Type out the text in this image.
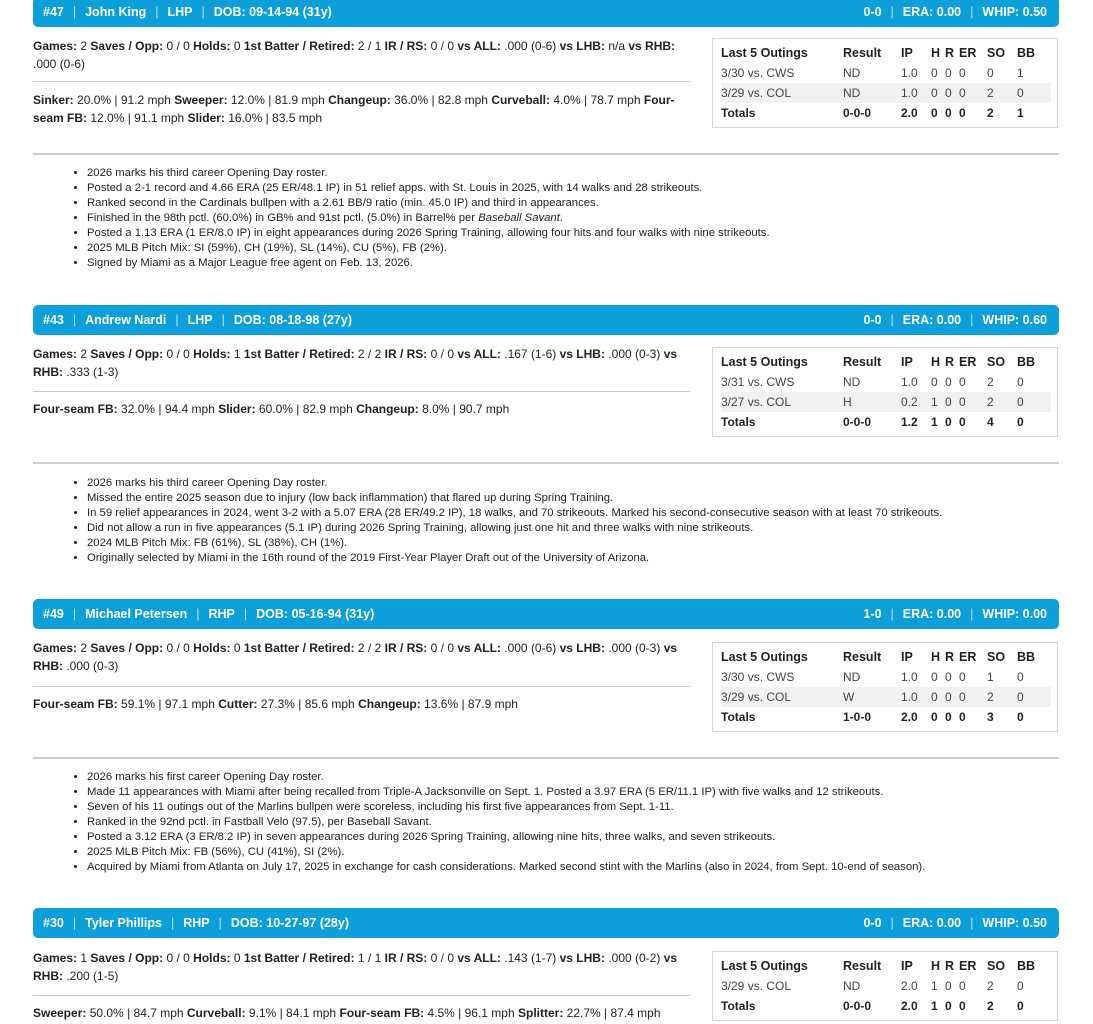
#47 | John King | LHP | DOB: 09-14-94 (31y)	0-0 | ERA: 0.00 | WHIP: 0.50
Games: 2 Saves / Opp: 0 / 0 Holds: 0 1st Batter / Retired: 2 / 1 IR / RS: 0 / 0 vs ALL: .000 (0-6) vs LHB: n/a vs RHB: .000 (0-6)
Sinker: 20.0% | 91.2 mph Sweeper: 12.0% | 81.9 mph Changeup: 36.0% | 82.8 mph Curveball: 4.0% | 78.7 mph Four-seam FB: 12.0% | 91.1 mph Slider: 16.0% | 83.5 mph
Last 5 Outings	Result	IP	H	R	ER	SO	BB
3/30 vs. CWS	ND	1.0	0	0	0	0	1
3/29 vs. COL	ND	1.0	0	0	0	2	0
Totals	0-0-0	2.0	0	0	0	2	1
• 2026 marks his third career Opening Day roster.
• Posted a 2-1 record and 4.66 ERA (25 ER/48.1 IP) in 51 relief apps. with St. Louis in 2025, with 14 walks and 28 strikeouts.
• Ranked second in the Cardinals bullpen with a 2.61 BB/9 ratio (min. 45.0 IP) and third in appearances.
• Finished in the 98th pctl. (60.0%) in GB% and 91st pctl. (5.0%) in Barrel% per Baseball Savant.
• Posted a 1.13 ERA (1 ER/8.0 IP) in eight appearances during 2026 Spring Training, allowing four hits and four walks with nine strikeouts.
• 2025 MLB Pitch Mix: SI (59%), CH (19%), SL (14%), CU (5%), FB (2%).
• Signed by Miami as a Major League free agent on Feb. 13, 2026.
#43 | Andrew Nardi | LHP | DOB: 08-18-98 (27y)	0-0 | ERA: 0.00 | WHIP: 0.60
Games: 2 Saves / Opp: 0 / 0 Holds: 1 1st Batter / Retired: 2 / 2 IR / RS: 0 / 0 vs ALL: .167 (1-6) vs LHB: .000 (0-3) vs RHB: .333 (1-3)
Four-seam FB: 32.0% | 94.4 mph Slider: 60.0% | 82.9 mph Changeup: 8.0% | 90.7 mph
Last 5 Outings	Result	IP	H	R	ER	SO	BB
3/31 vs. CWS	ND	1.0	0	0	0	2	0
3/27 vs. COL	H	0.2	1	0	0	2	0
Totals	0-0-0	1.2	1	0	0	4	0
• 2026 marks his third career Opening Day roster.
• Missed the entire 2025 season due to injury (low back inflammation) that flared up during Spring Training.
• In 59 relief appearances in 2024, went 3-2 with a 5.07 ERA (28 ER/49.2 IP), 18 walks, and 70 strikeouts. Marked his second-consecutive season with at least 70 strikeouts.
• Did not allow a run in five appearances (5.1 IP) during 2026 Spring Training, allowing just one hit and three walks with nine strikeouts.
• 2024 MLB Pitch Mix: FB (61%), SL (38%), CH (1%).
• Originally selected by Miami in the 16th round of the 2019 First-Year Player Draft out of the University of Arizona.
#49 | Michael Petersen | RHP | DOB: 05-16-94 (31y)	1-0 | ERA: 0.00 | WHIP: 0.00
Games: 2 Saves / Opp: 0 / 0 Holds: 0 1st Batter / Retired: 2 / 2 IR / RS: 0 / 0 vs ALL: .000 (0-6) vs LHB: .000 (0-3) vs RHB: .000 (0-3)
Four-seam FB: 59.1% | 97.1 mph Cutter: 27.3% | 85.6 mph Changeup: 13.6% | 87.9 mph
Last 5 Outings	Result	IP	H	R	ER	SO	BB
3/30 vs. CWS	ND	1.0	0	0	0	1	0
3/29 vs. COL	W	1.0	0	0	0	2	0
Totals	1-0-0	2.0	0	0	0	3	0
• 2026 marks his first career Opening Day roster.
• Made 11 appearances with Miami after being recalled from Triple-A Jacksonville on Sept. 1. Posted a 3.97 ERA (5 ER/11.1 IP) with five walks and 12 strikeouts.
• Seven of his 11 outings out of the Marlins bullpen were scoreless, including his first five appearances from Sept. 1-11.
• Ranked in the 92nd pctl. in Fastball Velo (97.5), per Baseball Savant.
• Posted a 3.12 ERA (3 ER/8.2 IP) in seven appearances during 2026 Spring Training, allowing nine hits, three walks, and seven strikeouts.
• 2025 MLB Pitch Mix: FB (56%), CU (41%), SI (2%).
• Acquired by Miami from Atlanta on July 17, 2025 in exchange for cash considerations. Marked second stint with the Marlins (also in 2024, from Sept. 10-end of season).
#30 | Tyler Phillips | RHP | DOB: 10-27-97 (28y)	0-0 | ERA: 0.00 | WHIP: 0.50
Games: 1 Saves / Opp: 0 / 0 Holds: 0 1st Batter / Retired: 1 / 1 IR / RS: 0 / 0 vs ALL: .143 (1-7) vs LHB: .000 (0-2) vs RHB: .200 (1-5)
Sweeper: 50.0% | 84.7 mph Curveball: 9.1% | 84.1 mph Four-seam FB: 4.5% | 96.1 mph Splitter: 22.7% | 87.4 mph
Last 5 Outings	Result	IP	H	R	ER	SO	BB
3/29 vs. COL	ND	2.0	1	0	0	2	0
Totals	0-0-0	2.0	1	0	0	2	0
